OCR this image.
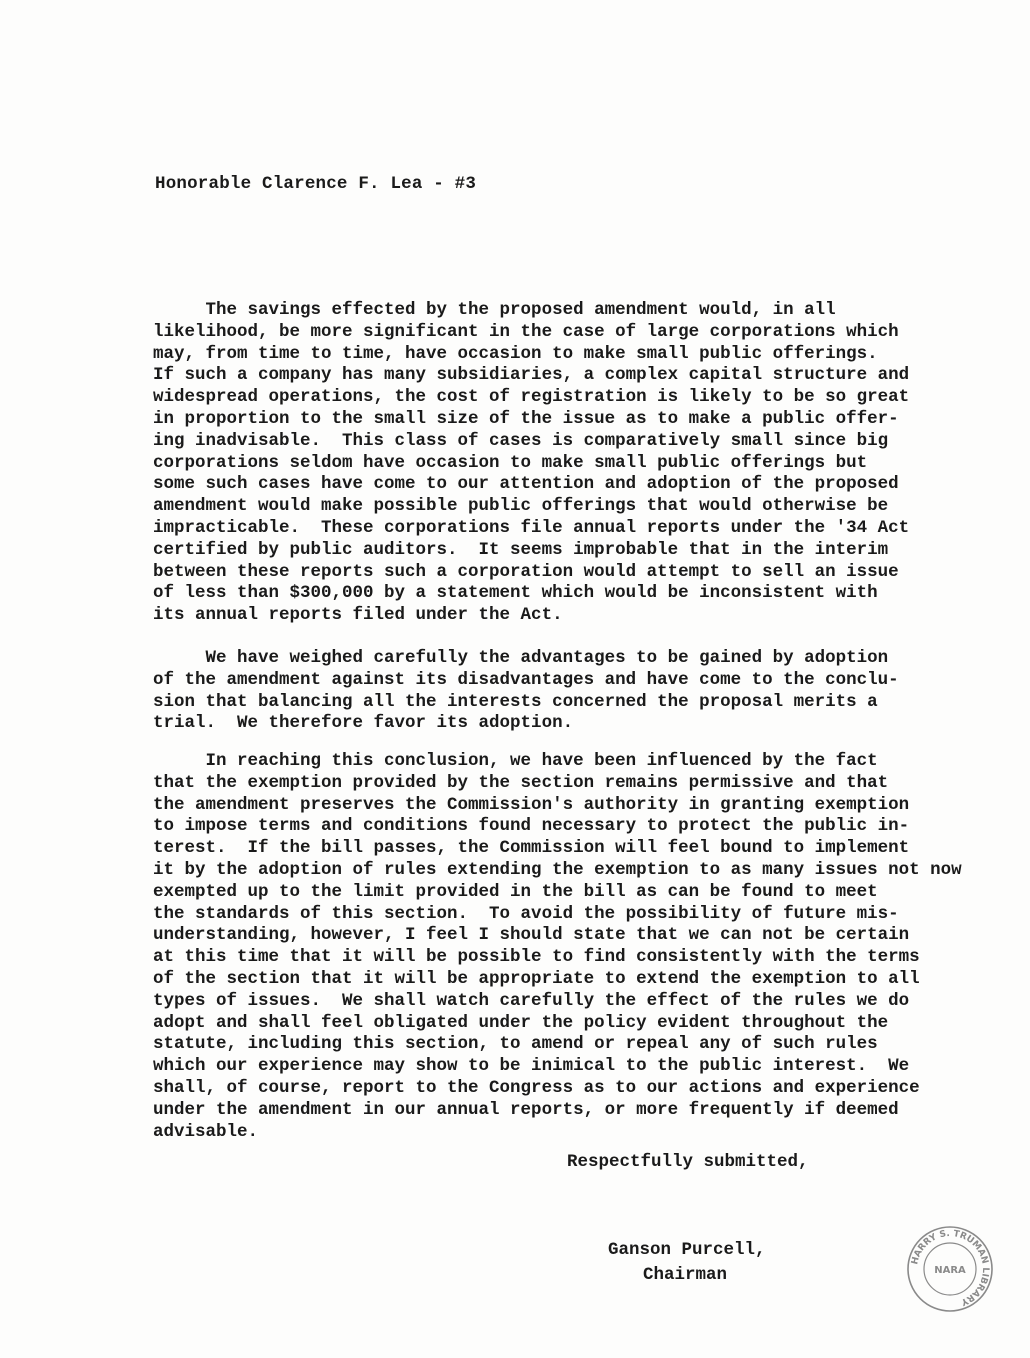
Honorable Clarence F. Lea - #3
The savings effected by the proposed amendment would, in all
likelihood, be more significant in the case of large corporations which
may, from time to time, have occasion to make small public offerings.
If such a company has many subsidiaries, a complex capital structure and
widespread operations, the cost of registration is likely to be so great
in proportion to the small size of the issue as to make a public offer-
ing inadvisable.  This class of cases is comparatively small since big
corporations seldom have occasion to make small public offerings but
some such cases have come to our attention and adoption of the proposed
amendment would make possible public offerings that would otherwise be
impracticable.  These corporations file annual reports under the '34 Act
certified by public auditors.  It seems improbable that in the interim
between these reports such a corporation would attempt to sell an issue
of less than $300,000 by a statement which would be inconsistent with
its annual reports filed under the Act.
We have weighed carefully the advantages to be gained by adoption
of the amendment against its disadvantages and have come to the conclu-
sion that balancing all the interests concerned the proposal merits a
trial.  We therefore favor its adoption.
In reaching this conclusion, we have been influenced by the fact
that the exemption provided by the section remains permissive and that
the amendment preserves the Commission's authority in granting exemption
to impose terms and conditions found necessary to protect the public in-
terest.  If the bill passes, the Commission will feel bound to implement
it by the adoption of rules extending the exemption to as many issues not now
exempted up to the limit provided in the bill as can be found to meet
the standards of this section.  To avoid the possibility of future mis-
understanding, however, I feel I should state that we can not be certain
at this time that it will be possible to find consistently with the terms
of the section that it will be appropriate to extend the exemption to all
types of issues.  We shall watch carefully the effect of the rules we do
adopt and shall feel obligated under the policy evident throughout the
statute, including this section, to amend or repeal any of such rules
which our experience may show to be inimical to the public interest.  We
shall, of course, report to the Congress as to our actions and experience
under the amendment in our annual reports, or more frequently if deemed
advisable.
Respectfully submitted,
Ganson Purcell,
Chairman
HARRY S. TRUMAN LIBRARY
NARA
